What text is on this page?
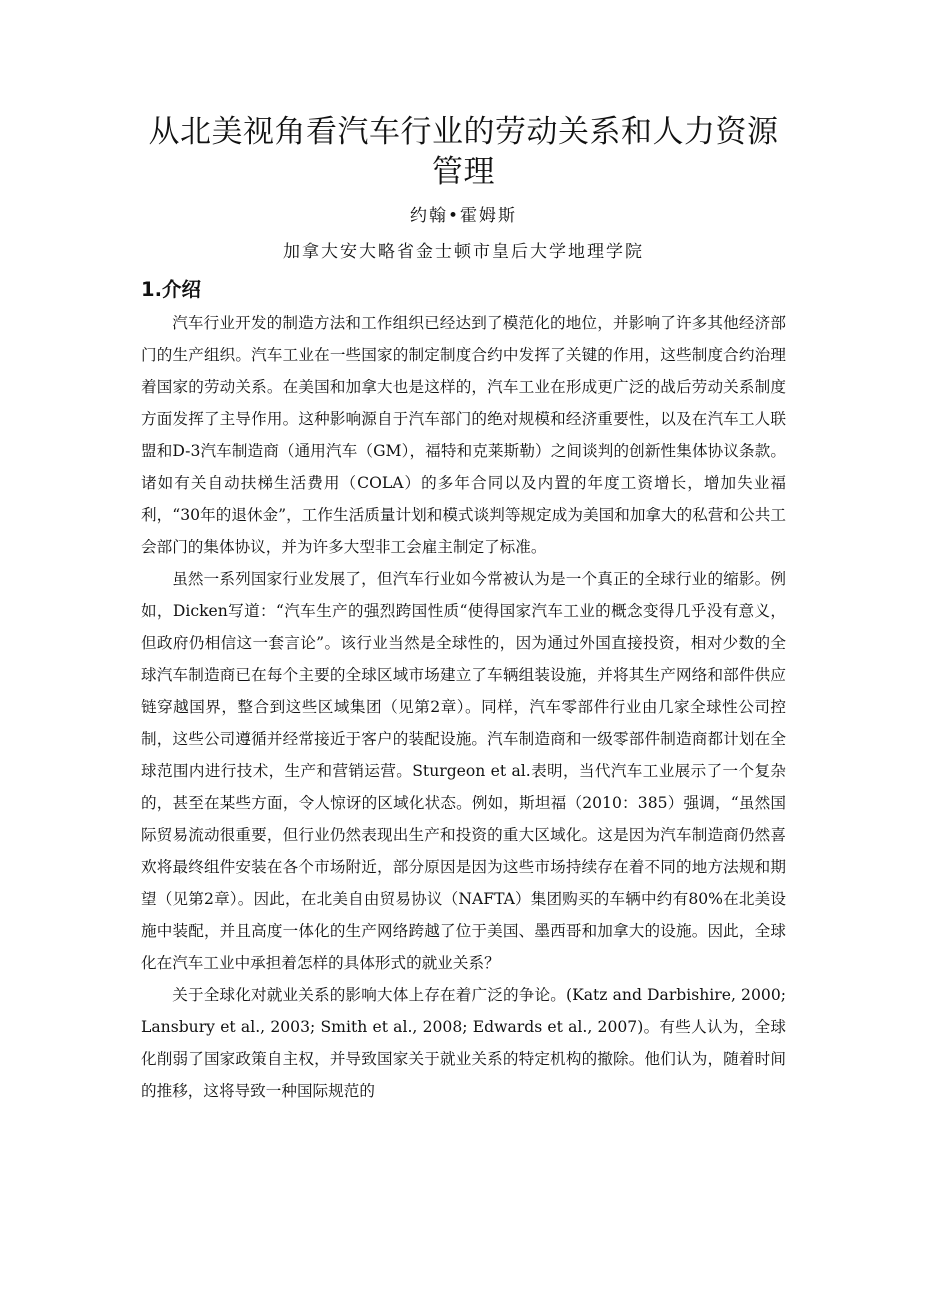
从北美视角看汽车行业的劳动关系和人力资源管理
约翰•霍姆斯
加拿大安大略省金士顿市皇后大学地理学院
1.介绍

汽车行业开发的制造方法和工作组织已经达到了模范化的地位，并影响了许多其他经济部门的生产组织。汽车工业在一些国家的制定制度合约中发挥了关键的作用，这些制度合约治理着国家的劳动关系。在美国和加拿大也是这样的，汽车工业在形成更广泛的战后劳动关系制度方面发挥了主导作用。这种影响源自于汽车部门的绝对规模和经济重要性，以及在汽车工人联盟和D-3汽车制造商（通用汽车（GM），福特和克莱斯勒）之间谈判的创新性集体协议条款。诸如有关自动扶梯生活费用（COLA）的多年合同以及内置的年度工资增长，增加失业福利，“30年的退休金”，工作生活质量计划和模式谈判等规定成为美国和加拿大的私营和公共工会部门的集体协议，并为许多大型非工会雇主制定了标准。

虽然一系列国家行业发展了，但汽车行业如今常被认为是一个真正的全球行业的缩影。例如，Dicken写道：“汽车生产的强烈跨国性质“使得国家汽车工业的概念变得几乎没有意义，但政府仍相信这一套言论”。该行业当然是全球性的，因为通过外国直接投资，相对少数的全球汽车制造商已在每个主要的全球区域市场建立了车辆组装设施，并将其生产网络和部件供应链穿越国界，整合到这些区域集团（见第2章）。同样，汽车零部件行业由几家全球性公司控制，这些公司遵循并经常接近于客户的装配设施。汽车制造商和一级零部件制造商都计划在全球范围内进行技术，生产和营销运营。Sturgeon et al.表明，当代汽车工业展示了一个复杂的，甚至在某些方面，令人惊讶的区域化状态。例如，斯坦福（2010：385）强调，“虽然国际贸易流动很重要，但行业仍然表现出生产和投资的重大区域化。这是因为汽车制造商仍然喜欢将最终组件安装在各个市场附近，部分原因是因为这些市场持续存在着不同的地方法规和期望（见第2章）。因此，在北美自由贸易协议（NAFTA）集团购买的车辆中约有80%在北美设施中装配，并且高度一体化的生产网络跨越了位于美国、墨西哥和加拿大的设施。因此，全球化在汽车工业中承担着怎样的具体形式的就业关系？

关于全球化对就业关系的影响大体上存在着广泛的争论。(Katz and Darbishire, 2000; Lansbury et al., 2003; Smith et al., 2008; Edwards et al., 2007)。有些人认为，全球化削弱了国家政策自主权，并导致国家关于就业关系的特定机构的撤除。他们认为，随着时间的推移，这将导致一种国际规范的
